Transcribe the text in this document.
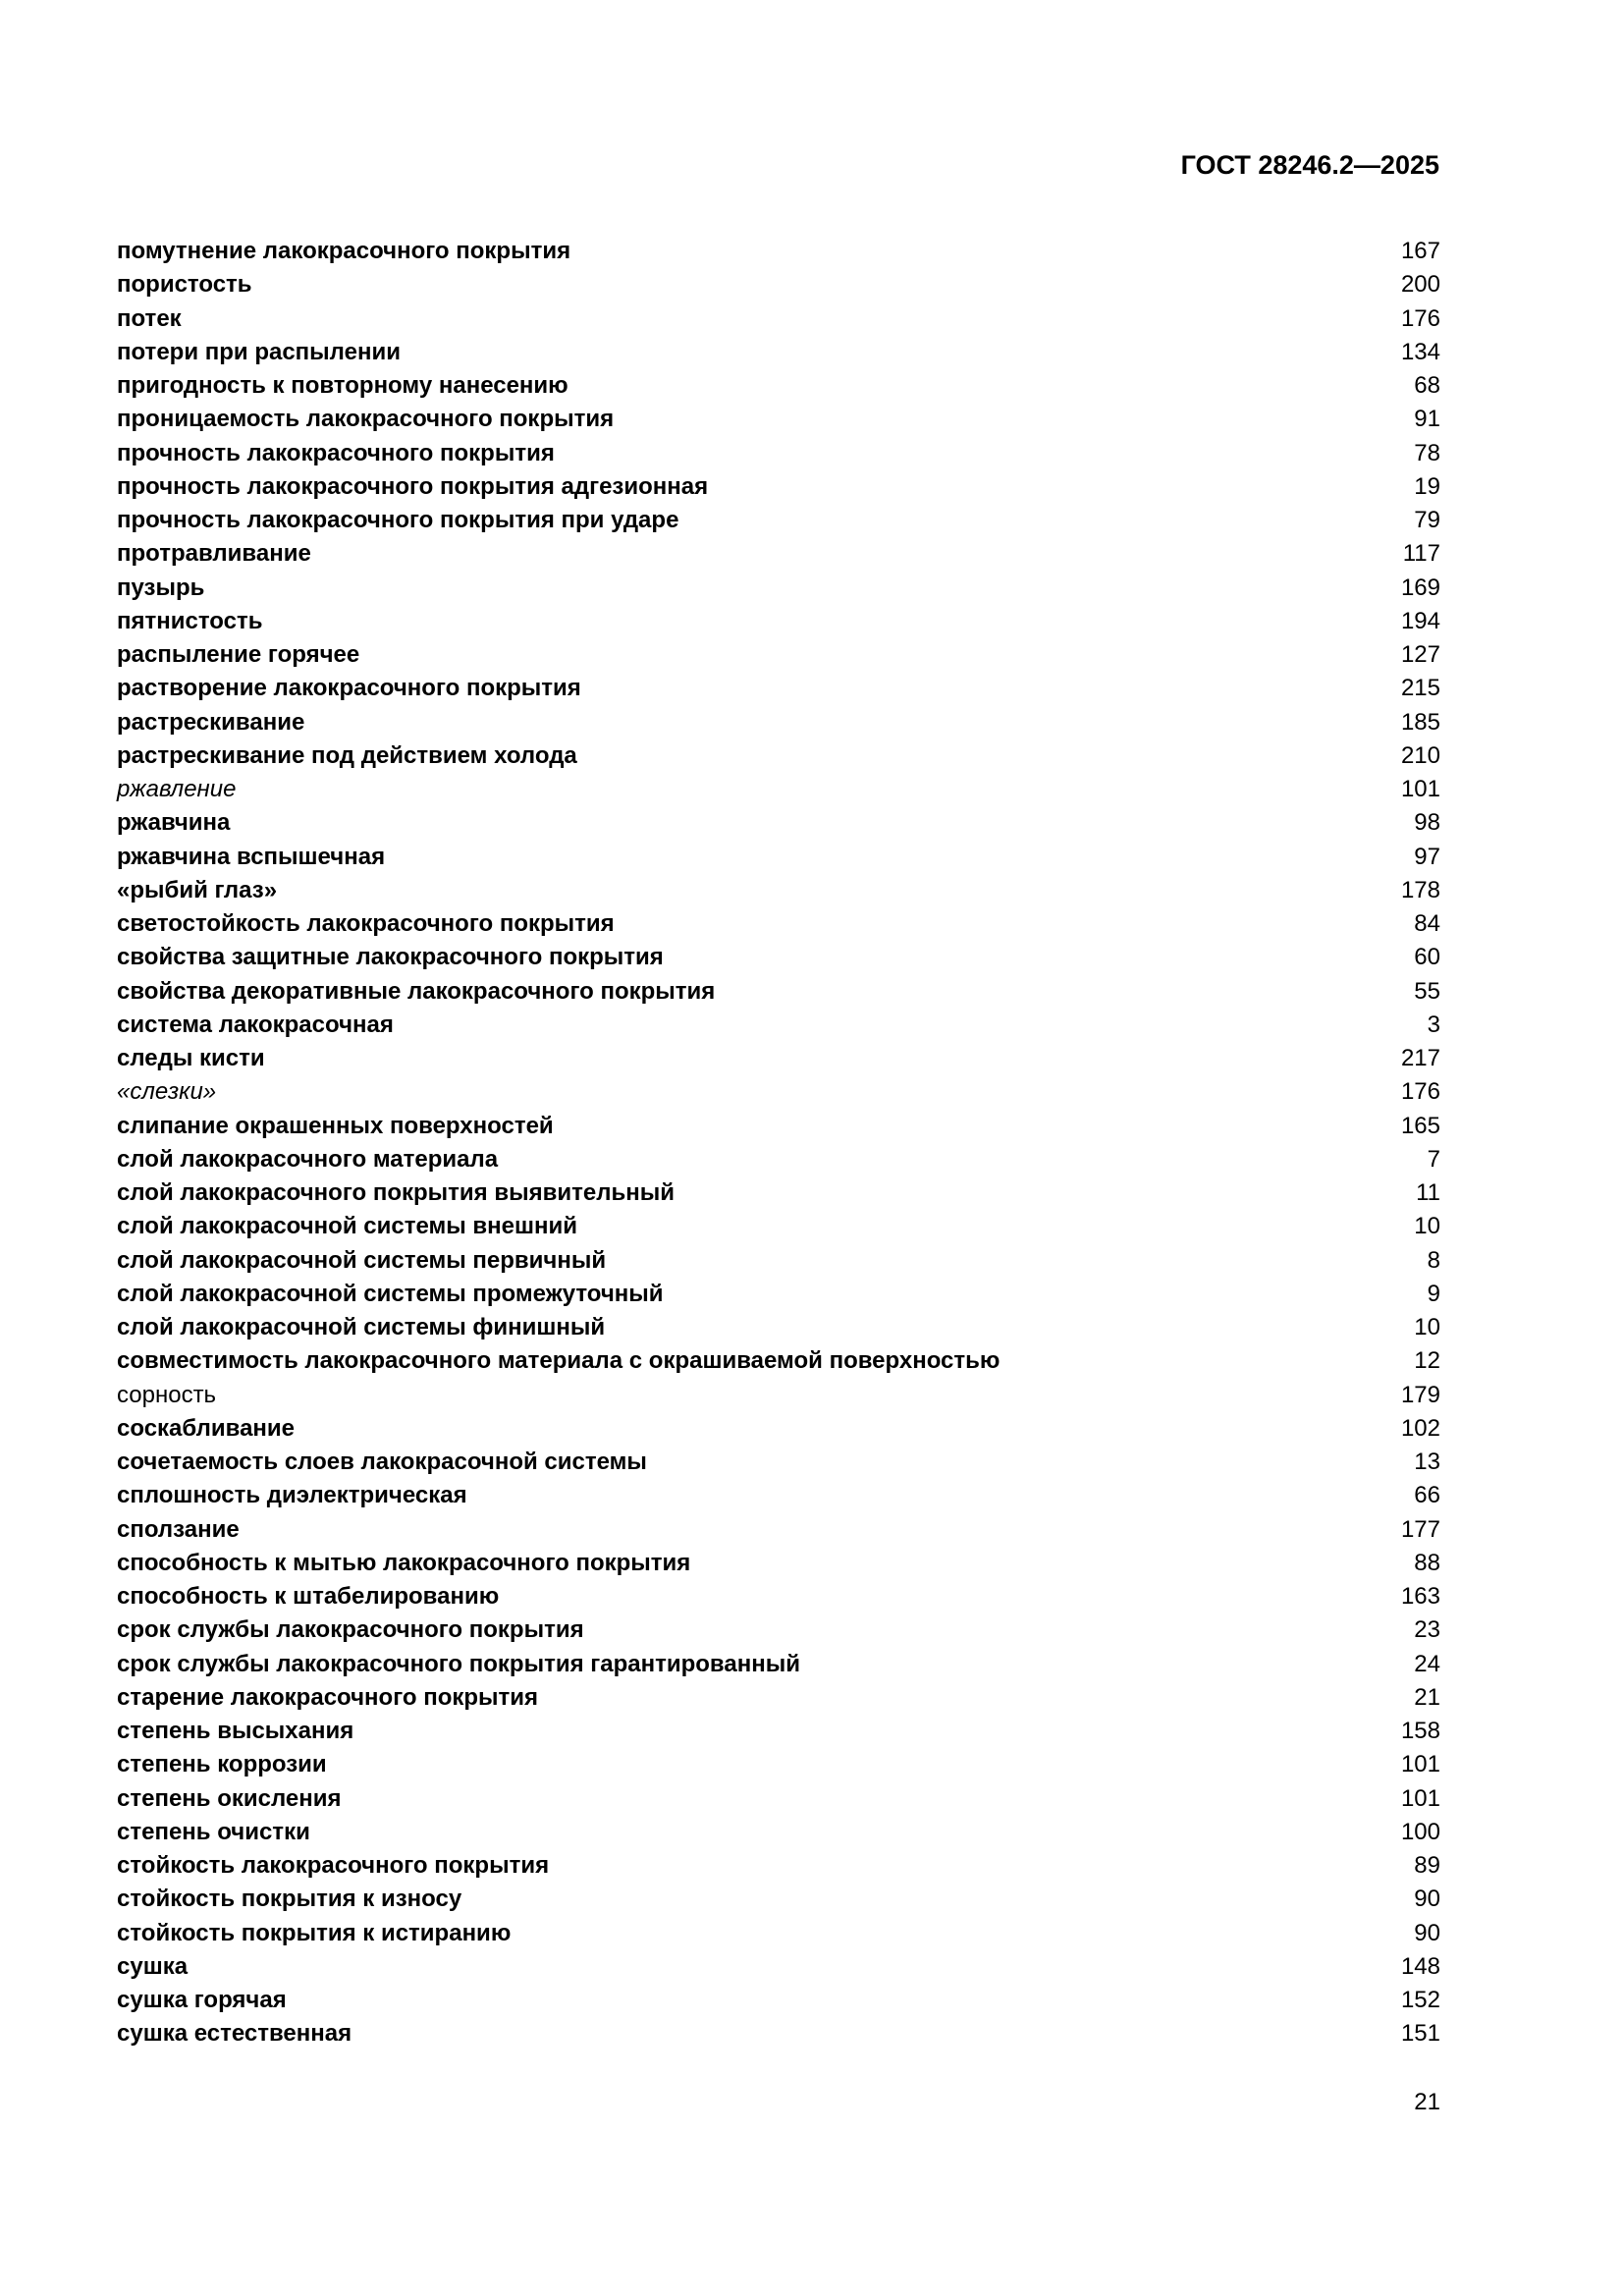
ГОСТ 28246.2—2025
помутнение лакокрасочного покрытия	167
пористость	200
потек	176
потери при распылении	134
пригодность к повторному нанесению	68
проницаемость лакокрасочного покрытия	91
прочность лакокрасочного покрытия	78
прочность лакокрасочного покрытия адгезионная	19
прочность лакокрасочного покрытия при ударе	79
протравливание	117
пузырь	169
пятнистость	194
распыление горячее	127
растворение лакокрасочного покрытия	215
растрескивание	185
растрескивание под действием холода	210
ржавление	101
ржавчина	98
ржавчина вспышечная	97
«рыбий глаз»	178
светостойкость лакокрасочного покрытия	84
свойства защитные лакокрасочного покрытия	60
свойства декоративные лакокрасочного покрытия	55
система лакокрасочная	3
следы кисти	217
«слезки»	176
слипание окрашенных поверхностей	165
слой лакокрасочного материала	7
слой лакокрасочного покрытия выявительный	11
слой лакокрасочной системы внешний	10
слой лакокрасочной системы первичный	8
слой лакокрасочной системы промежуточный	9
слой лакокрасочной системы финишный	10
совместимость лакокрасочного материала с окрашиваемой поверхностью	12
сорность	179
соскабливание	102
сочетаемость слоев лакокрасочной системы	13
сплошность диэлектрическая	66
сползание	177
способность к мытью лакокрасочного покрытия	88
способность к штабелированию	163
срок службы лакокрасочного покрытия	23
срок службы лакокрасочного покрытия гарантированный	24
старение лакокрасочного покрытия	21
степень высыхания	158
степень коррозии	101
степень окисления	101
степень очистки	100
стойкость лакокрасочного покрытия	89
стойкость покрытия к износу	90
стойкость покрытия к истиранию	90
сушка	148
сушка горячая	152
сушка естественная	151
21
